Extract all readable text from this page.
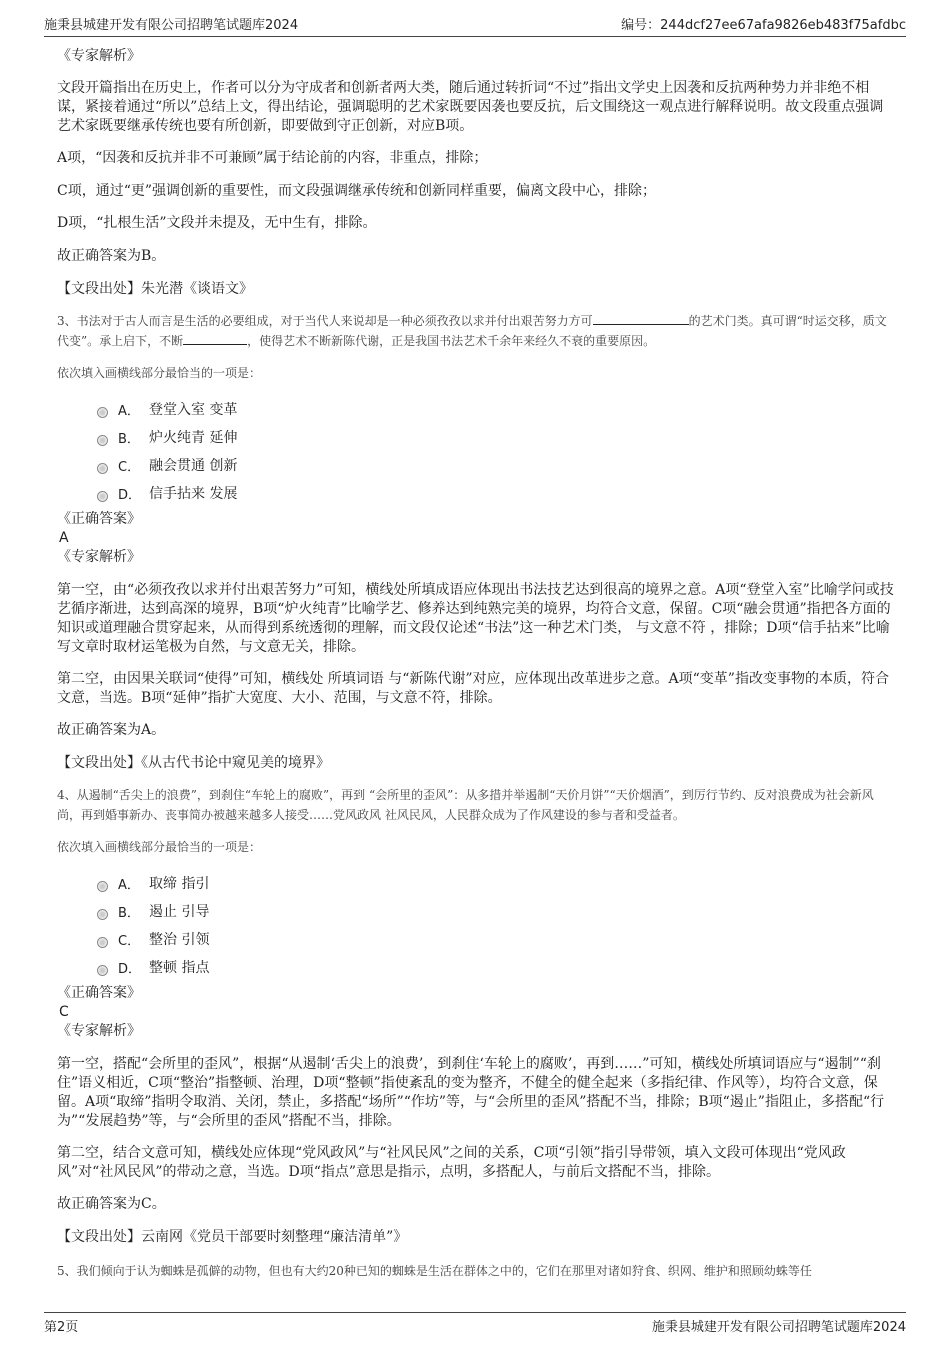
施秉县城建开发有限公司招聘笔试题库2024	编号：244dcf27ee67afa9826eb483f75afdbc

《专家解析》

文段开篇指出在历史上，作者可以分为守成者和创新者两大类，随后通过转折词“不过”指出文学史上因袭和反抗两种势力并非绝不相谋，紧接着通过“所以”总结上文，得出结论，强调聪明的艺术家既要因袭也要反抗，后文围绕这一观点进行解释说明。故文段重点强调艺术家既要继承传统也要有所创新，即要做到守正创新，对应B项。

A项，“因袭和反抗并非不可兼顾”属于结论前的内容，非重点，排除；

C项，通过“更”强调创新的重要性，而文段强调继承传统和创新同样重要，偏离文段中心，排除；

D项，“扎根生活”文段并未提及，无中生有，排除。

故正确答案为B。

【文段出处】朱光潜《谈语文》

3、书法对于古人而言是生活的必要组成，对于当代人来说却是一种必须孜孜以求并付出艰苦努力方可	的艺术门类。真可谓“时运交移，质文代变”。承上启下，不断	，使得艺术不断新陈代谢，正是我国书法艺术千余年来经久不衰的重要原因。

依次填入画横线部分最恰当的一项是：

A． 登堂入室 变革
B． 炉火纯青 延伸
C． 融会贯通 创新
D． 信手拈来 发展

《正确答案》

A

《专家解析》

第一空，由“必须孜孜以求并付出艰苦努力”可知，横线处所填成语应体现出书法技艺达到很高的境界之意。A项“登堂入室”比喻学问或技艺循序渐进，达到高深的境界，B项“炉火纯青”比喻学艺、修养达到纯熟完美的境界，均符合文意，保留。C项“融会贯通”指把各方面的知识或道理融合贯穿起来，从而得到系统透彻的理解，而文段仅论述“书法”这一种艺术门类， 与文意不符 ，排除；D项“信手拈来”比喻写文章时取材运笔极为自然，与文意无关，排除。

第二空，由因果关联词“使得”可知，横线处 所填词语 与“新陈代谢”对应，应体现出改革进步之意。A项“变革”指改变事物的本质，符合文意，当选。B项“延伸”指扩大宽度、大小、范围，与文意不符，排除。

故正确答案为A。

【文段出处】《从古代书论中窥见美的境界》

4、从遏制“舌尖上的浪费”，到刹住“车轮上的腐败”，再到 “会所里的歪风”：从多措并举遏制“天价月饼”“天价烟酒”，到厉行节约、反对浪费成为社会新风尚，再到婚事新办、丧事简办被越来越多人接受……党风政风 社风民风，人民群众成为了作风建设的参与者和受益者。

依次填入画横线部分最恰当的一项是：

A． 取缔 指引
B． 遏止 引导
C． 整治 引领
D． 整顿 指点

《正确答案》

C

《专家解析》

第一空，搭配“会所里的歪风”，根据“从遏制‘舌尖上的浪费’，到刹住‘车轮上的腐败’，再到……”可知，横线处所填词语应与“遏制”“刹住”语义相近，C项“整治”指整顿、治理，D项“整顿”指使紊乱的变为整齐，不健全的健全起来（多指纪律、作风等），均符合文意，保留。A项“取缔”指明令取消、关闭，禁止，多搭配“场所”“作坊”等，与“会所里的歪风”搭配不当，排除；B项“遏止”指阻止，多搭配“行为”“发展趋势”等，与“会所里的歪风”搭配不当，排除。

第二空，结合文意可知，横线处应体现“党风政风”与“社风民风”之间的关系，C项“引领”指引导带领，填入文段可体现出“党风政风”对“社风民风”的带动之意，当选。D项“指点”意思是指示，点明，多搭配人，与前后文搭配不当，排除。

故正确答案为C。

【文段出处】云南网《党员干部要时刻整理“廉洁清单”》

5、我们倾向于认为蜘蛛是孤僻的动物，但也有大约20种已知的蜘蛛是生活在群体之中的，它们在那里对诸如狩食、织网、维护和照顾幼蛛等任

第2页	施秉县城建开发有限公司招聘笔试题库2024
